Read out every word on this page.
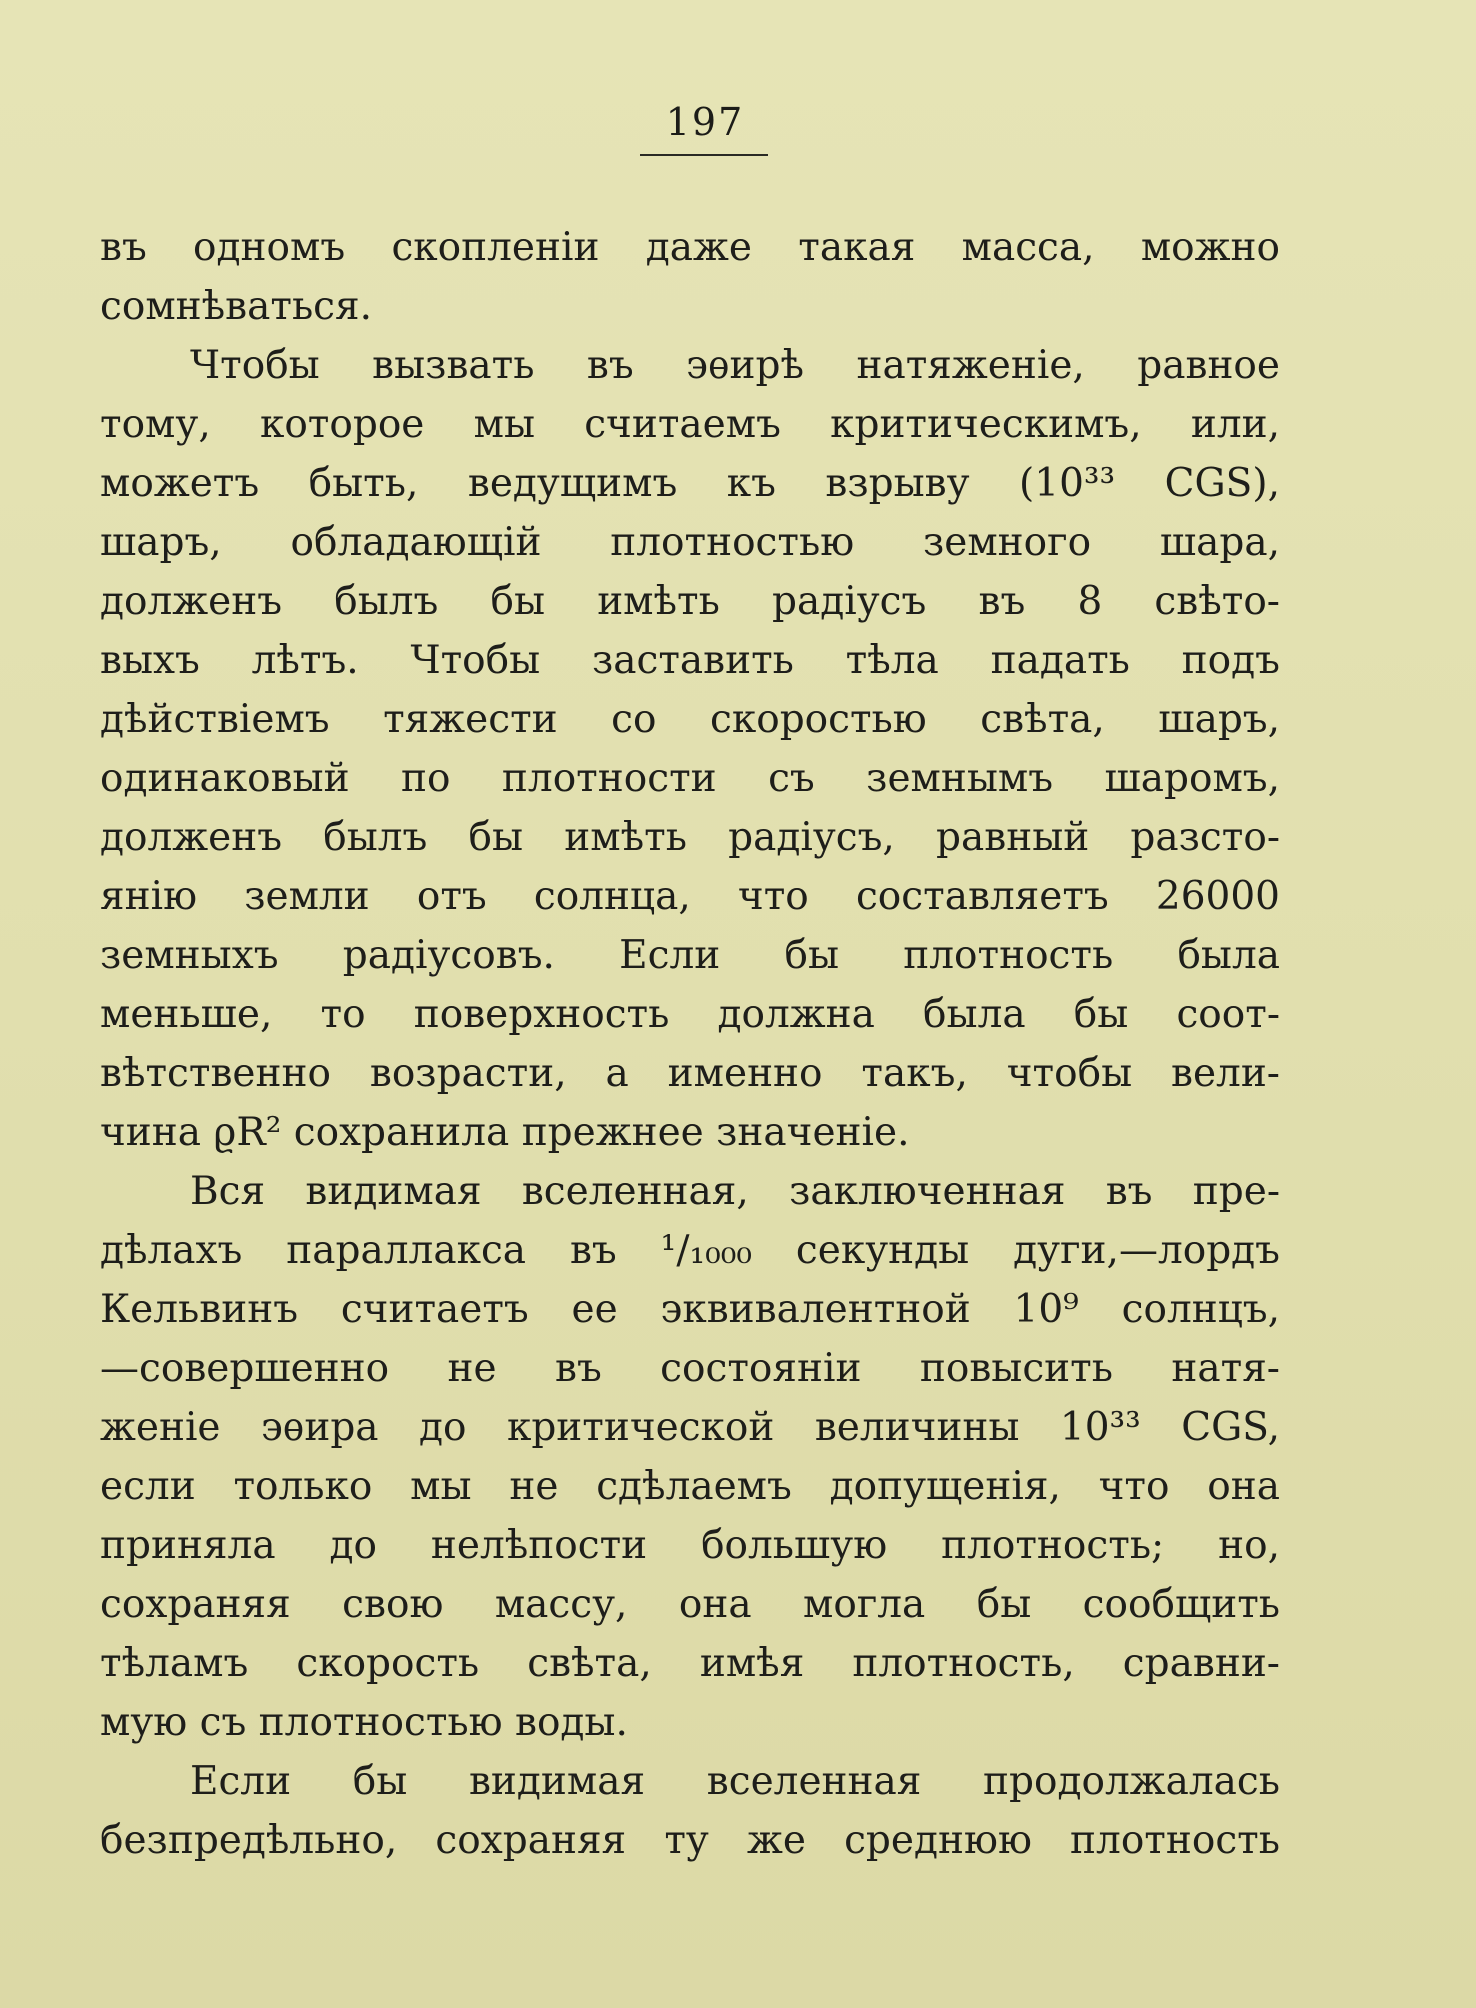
197
въ одномъ скопленіи даже такая масса, можно
сомнѣваться.
Чтобы вызвать въ эѳирѣ натяженіе, равное
тому, которое мы считаемъ критическимъ, или,
можетъ быть, ведущимъ къ взрыву (10³³ CGS),
шаръ, обладающій плотностью земного шара,
долженъ былъ бы имѣть радіусъ въ 8 свѣто-
выхъ лѣтъ. Чтобы заставить тѣла падать подъ
дѣйствіемъ тяжести со скоростью свѣта, шаръ,
одинаковый по плотности съ земнымъ шаромъ,
долженъ былъ бы имѣть радіусъ, равный разсто-
янію земли отъ солнца, что составляетъ 26000
земныхъ радіусовъ. Если бы плотность была
меньше, то поверхность должна была бы соот-
вѣтственно возрасти, а именно такъ, чтобы вели-
чина ϱR² сохранила прежнее значеніе.
Вся видимая вселенная, заключенная въ пре-
дѣлахъ параллакса въ ¹/₁₀₀₀ секунды дуги,—лордъ
Кельвинъ считаетъ ее эквивалентной 10⁹ солнцъ,
—совершенно не въ состояніи повысить натя-
женіе эѳира до критической величины 10³³ CGS,
если только мы не сдѣлаемъ допущенія, что она
приняла до нелѣпости большую плотность; но,
сохраняя свою массу, она могла бы сообщить
тѣламъ скорость свѣта, имѣя плотность, сравни-
мую съ плотностью воды.
Если бы видимая вселенная продолжалась
безпредѣльно, сохраняя ту же среднюю плотность
